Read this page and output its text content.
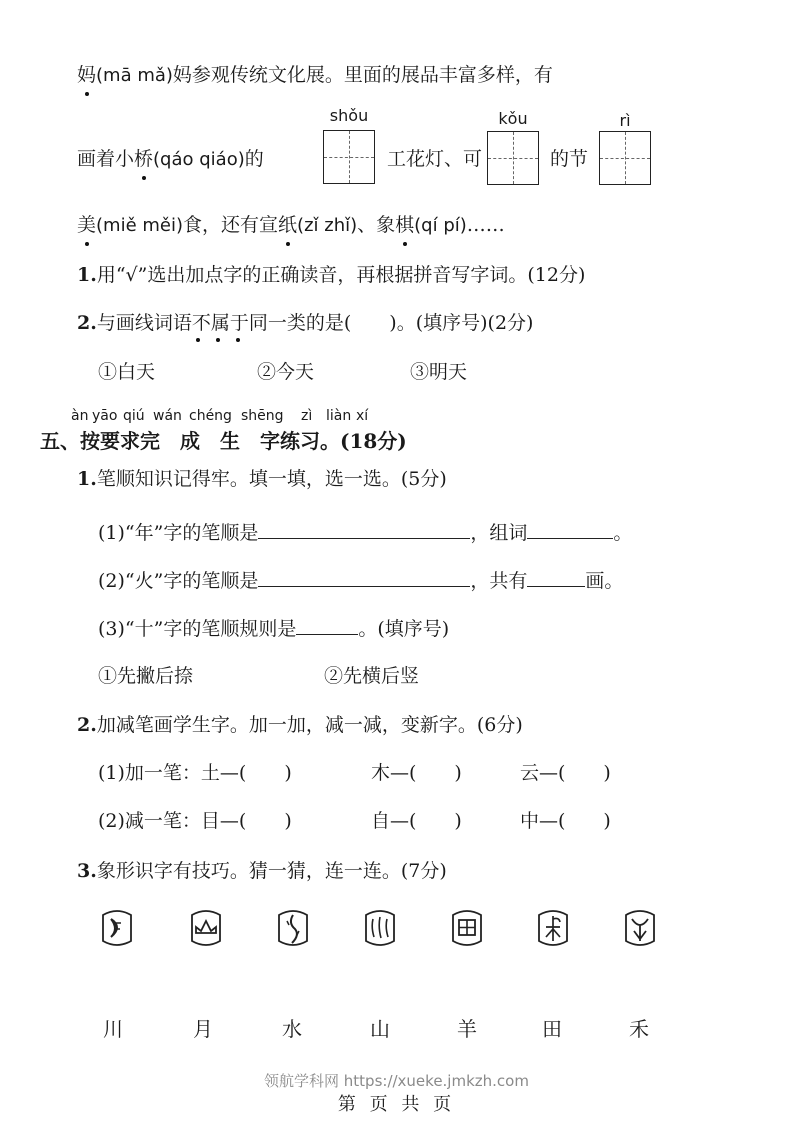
妈(mā mǎ)妈参观传统文化展。里面的展品丰富多样，有
画着小桥(qáo qiáo)的
shǒu
工花灯、可
kǒu
的节
rì
美(miě měi)食，还有宣纸(zǐ zhǐ)、象棋(qí pí)……
1.用“√”选出加点字的正确读音，再根据拼音写字词。(12分)
2.与画线词语不属于
同一类的是(　　)。(填序号)(2分)
①白天	②今天	③明天
àn yāo qiú wán chéng shēng zì liàn xí
五、按要求完　成　生　字练习。(18分)
1.笔顺知识记得牢。填一填，选一选。(5分)
(1)“年”字的笔顺是	，组词	。
(2)“火”字的笔顺是	，共有	画。
(3)“十”字的笔顺规则是	。(填序号)
①先撇后捺	②先横后竖
2.加减笔画学生字。加一加，减一减，变新字。(6分)
(1)加一笔：土—(　　)	木—(　　)	云—(　　)
(2)减一笔：目—(　　)	自—(　　)	中—(　　)
3.象形识字有技巧。猜一猜，连一连。(7分)
川	月	水	山	羊	田	禾
领航学科网 https://xueke.jmkzh.com
第 页 共 页
